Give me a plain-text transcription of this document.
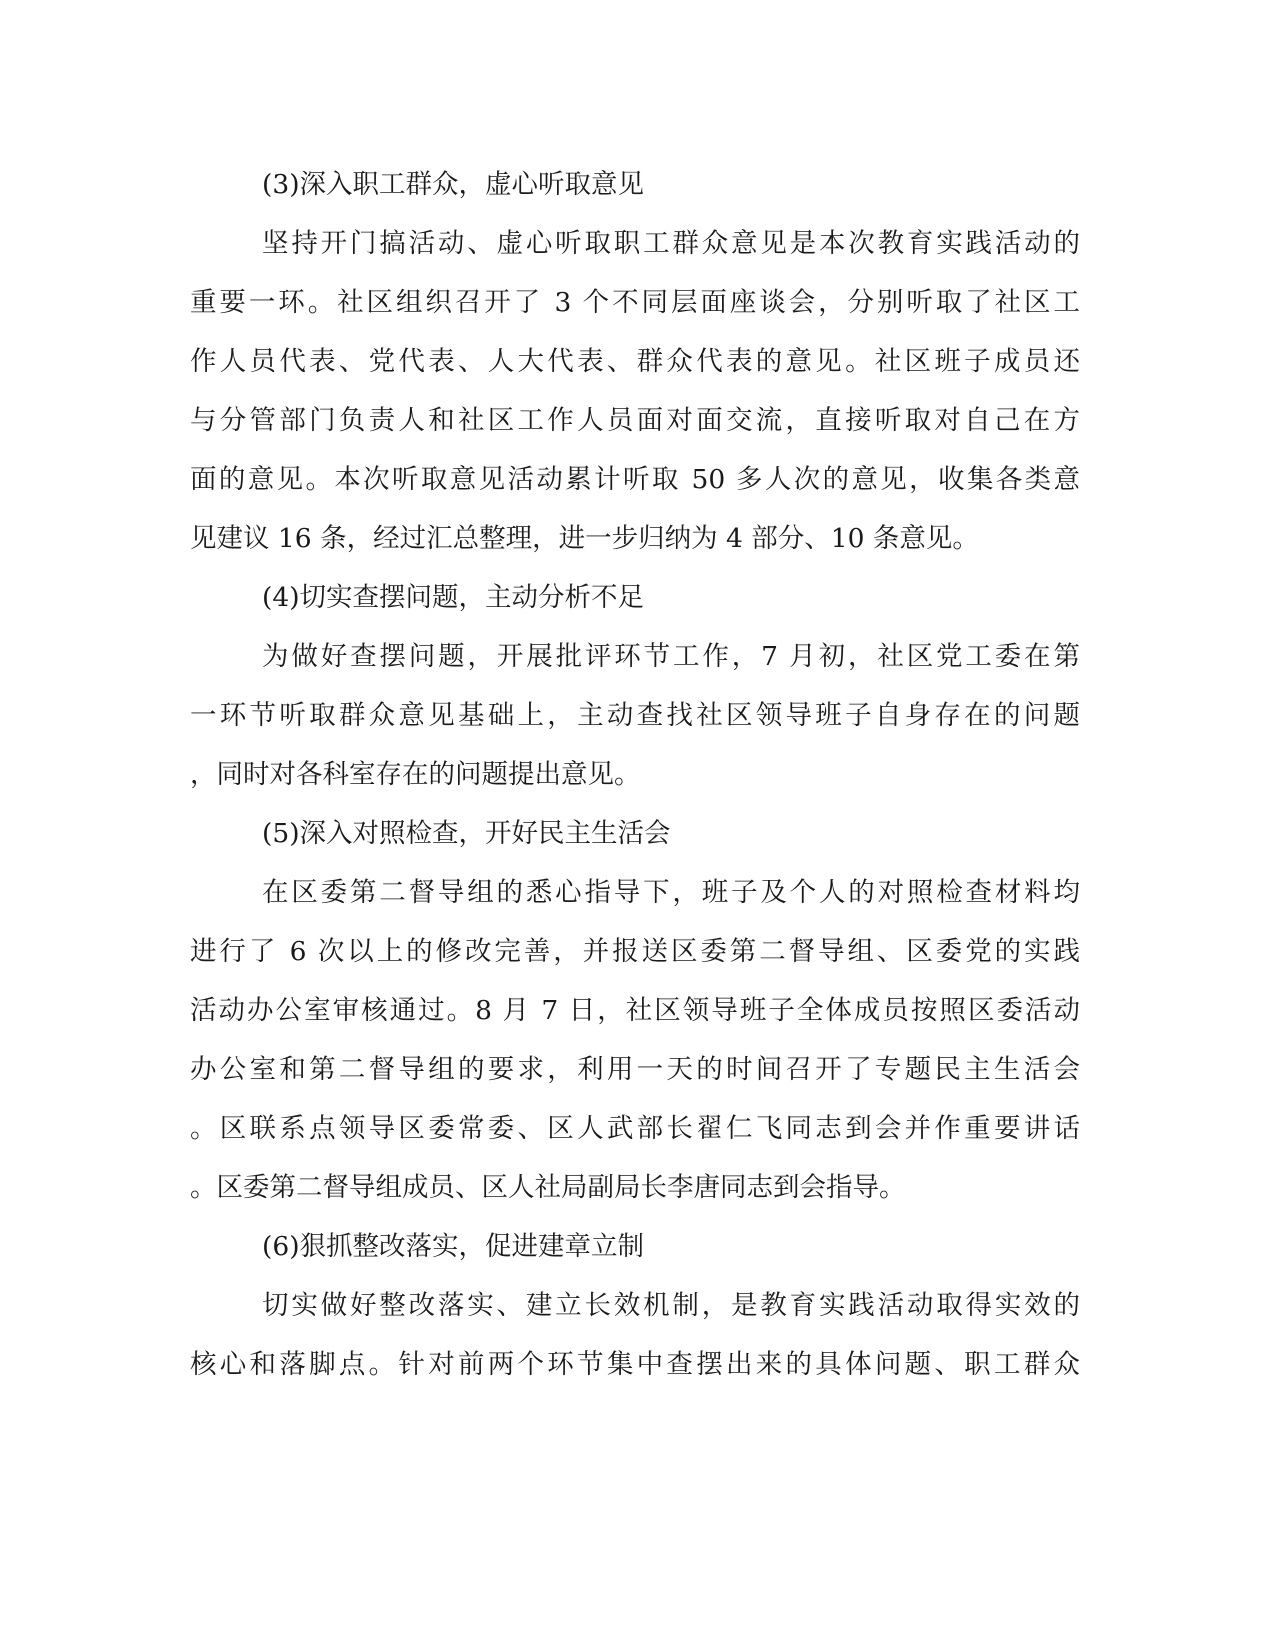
(3)深入职工群众，虚心听取意见
坚持开门搞活动、虚心听取职工群众意见是本次教育实践活动的
重要一环。社区组织召开了 3 个不同层面座谈会，分别听取了社区工
作人员代表、党代表、人大代表、群众代表的意见。社区班子成员还
与分管部门负责人和社区工作人员面对面交流，直接听取对自己在方
面的意见。本次听取意见活动累计听取 50 多人次的意见，收集各类意
见建议 16 条，经过汇总整理，进一步归纳为 4 部分、10 条意见。
(4)切实查摆问题，主动分析不足
为做好查摆问题，开展批评环节工作，7 月初，社区党工委在第
一环节听取群众意见基础上，主动查找社区领导班子自身存在的问题
，同时对各科室存在的问题提出意见。
(5)深入对照检查，开好民主生活会
在区委第二督导组的悉心指导下，班子及个人的对照检查材料均
进行了 6 次以上的修改完善，并报送区委第二督导组、区委党的实践
活动办公室审核通过。8 月 7 日，社区领导班子全体成员按照区委活动
办公室和第二督导组的要求，利用一天的时间召开了专题民主生活会
。区联系点领导区委常委、区人武部长翟仁飞同志到会并作重要讲话
。区委第二督导组成员、区人社局副局长李唐同志到会指导。
(6)狠抓整改落实，促进建章立制
切实做好整改落实、建立长效机制，是教育实践活动取得实效的
核心和落脚点。针对前两个环节集中查摆出来的具体问题、职工群众
